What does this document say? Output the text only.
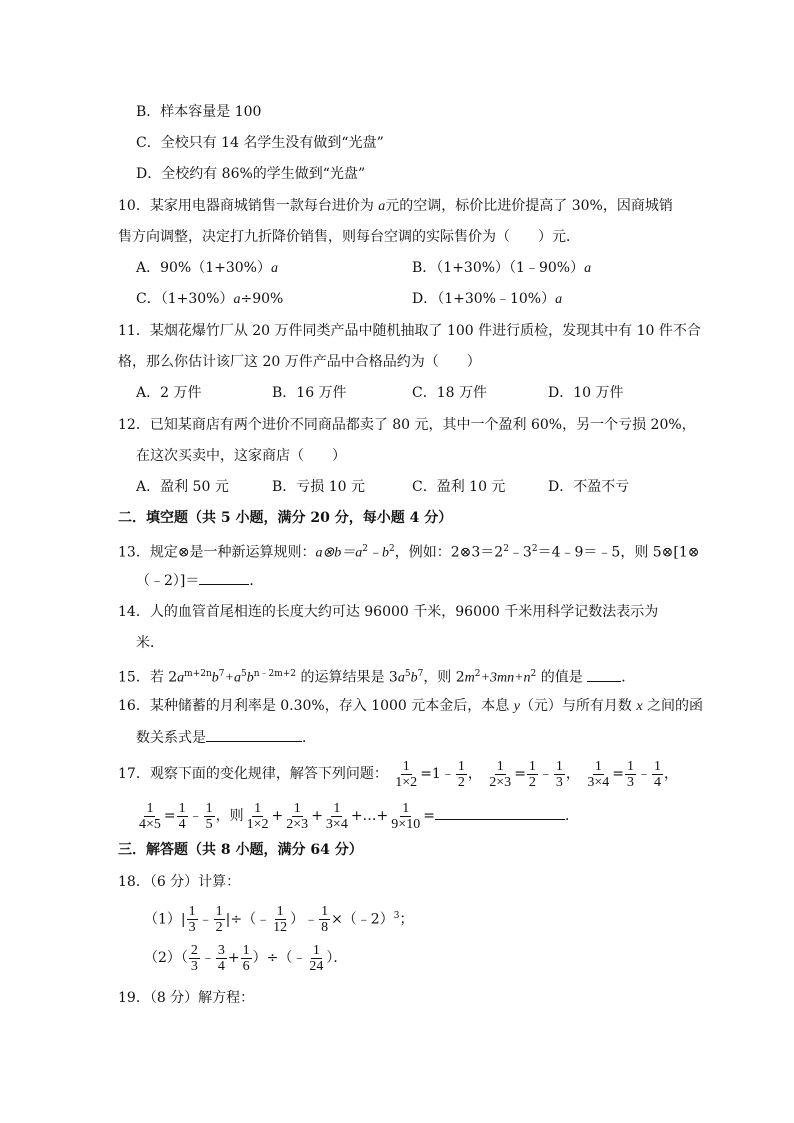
B．样本容量是 100
C．全校只有 14 名学生没有做到“光盘”
D．全校约有 86%的学生做到“光盘”
10．某家用电器商城销售一款每台进价为 a元的空调，标价比进价提高了 30%，因商城销
售方向调整，决定打九折降价销售，则每台空调的实际售价为（　　）元．
A．90%（1+30%）a	B．（1+30%）（1﹣90%）a
C．（1+30%）a÷90%	D．（1+30%﹣10%）a
11．某烟花爆竹厂从 20 万件同类产品中随机抽取了 100 件进行质检，发现其中有 10 件不合
格，那么你估计该厂这 20 万件产品中合格品约为（　　）
A．2 万件	B．16 万件	C．18 万件	D．10 万件
12．已知某商店有两个进价不同商品都卖了 80 元，其中一个盈利 60%，另一个亏损 20%，
在这次买卖中，这家商店（　　）
A．盈利 50 元	B．亏损 10 元	C．盈利 10 元	D．不盈不亏
二．填空题（共 5 小题，满分 20 分，每小题 4 分）
13．规定⊗是一种新运算规则：$a\otimes b=a^2﹣b^2$，例如：$2\otimes 3=2^2﹣3^2=4﹣9=﹣5$，则 5⊗[1⊗
（﹣2）]＝	．
14．人的血管首尾相连的长度大约可达 96000 千米，96000 千米用科学记数法表示为
米．
15．若 $2a^{m+2n}b^7+a^5b^{n﹣2m+2}$ 的运算结果是 $3a^5b^7$，则 $2m^2+3mn+n^2$ 的值是	．
16．某种储蓄的月利率是 0.30%，存入 1000 元本金后，本息 y（元）与所有月数 x 之间的函
数关系式是	．
17．观察下面的变化规律，解答下列问题： $\frac{1}{1\times 2}$ =1﹣ $\frac{1}{2}$ ， $\frac{1}{2\times 3} = \frac{1}{2}$ ﹣ $\frac{1}{3}$ ， $\frac{1}{3\times 4} = \frac{1}{3}$ ﹣ $\frac{1}{4}$ ，
$\frac{1}{4\times 5} = \frac{1}{4}$ ﹣ $\frac{1}{5}$ ，则 $\frac{1}{1\times 2} + \frac{1}{2\times 3} + \frac{1}{3\times 4}$ +…+ $\frac{1}{9\times 10}$ =	．
三．解答题（共 8 小题，满分 64 分）
18．（6 分）计算：
$(1)| \frac{1}{3}$ ﹣ $\frac{1}{2}$ |÷（﹣ $\frac{1}{12}$ ）﹣ $\frac{1}{8}$ ×（﹣2）$^3$；
$(2)( \frac{2}{3}$ ﹣ $\frac{3}{4} + \frac{1}{6}$ ）÷（﹣ $\frac{1}{24}$ ）．
19．（8 分）解方程：
